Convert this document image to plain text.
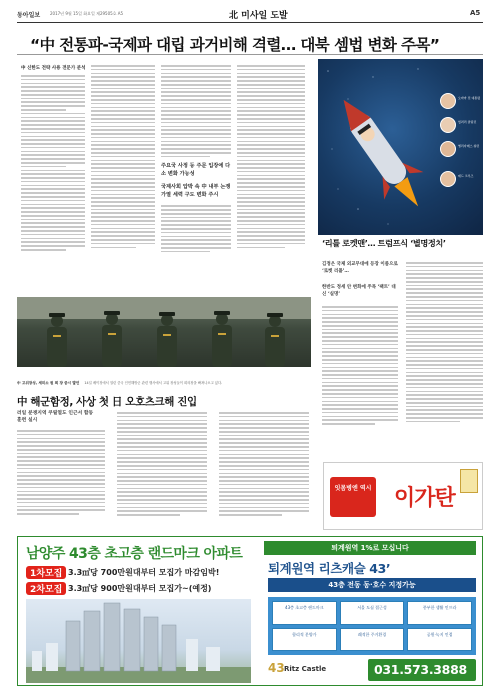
동아일보 2017년 9월 15일 화요일 제29505호 A5	北 미사일 도발	A5
“中 전통파-국제파 대립 과거비해 격렬… 대북 셈법 변화 주목”
中 신한도 전략 사용 전문가 분석
주요국 사정 등 주문 입장에 다소 변화 가능성
국제사회 압박 속 中 내부 논쟁 가열 세력 구도 변화 주시
中 고위장성, 세미소 원 회 장 증시 발언 14일 베이징에서 열린 중국 인민해방군 관련 행사에서 고위 장성들이 회의장을 빠져나오고 있다.
中 해군함정, 사상 첫 日 오호츠크해 진입
러일 분쟁지역 쿠릴열도 인근서 합동 훈련 실시
오바마 전 대통령
힐러리 클린턴
엘리자베스 워런
테드 크루즈
‘리틀 로켓맨’… 트럼프식 ‘별명정치’
김정은 국제 외교무대에 등장 이름으로 ‘로켓 리틀’…
한반도 정세 안 변화에 주목 ‘팩트’ 대신 ‘실명’
잇몸병엔 역시 이가탄
남양주 43층 초고층 랜드마크 아파트
1차모집 3.3㎡당 700만원대부터 모집가 마감임박!
2차모집 3.3㎡당 900만원대부터 모집가~(예정)
퇴계원역 1%로 모십니다
퇴계원역 리츠캐슬 43’
43층 전동 동·호수 지정가능
43층 초고층 랜드마크	서울 도심 접근성	풍부한 생활 인프라
합리적 분양가	쾌적한 주거환경	공원·녹지 인접
43 Ritz Castle	031.573.3888
